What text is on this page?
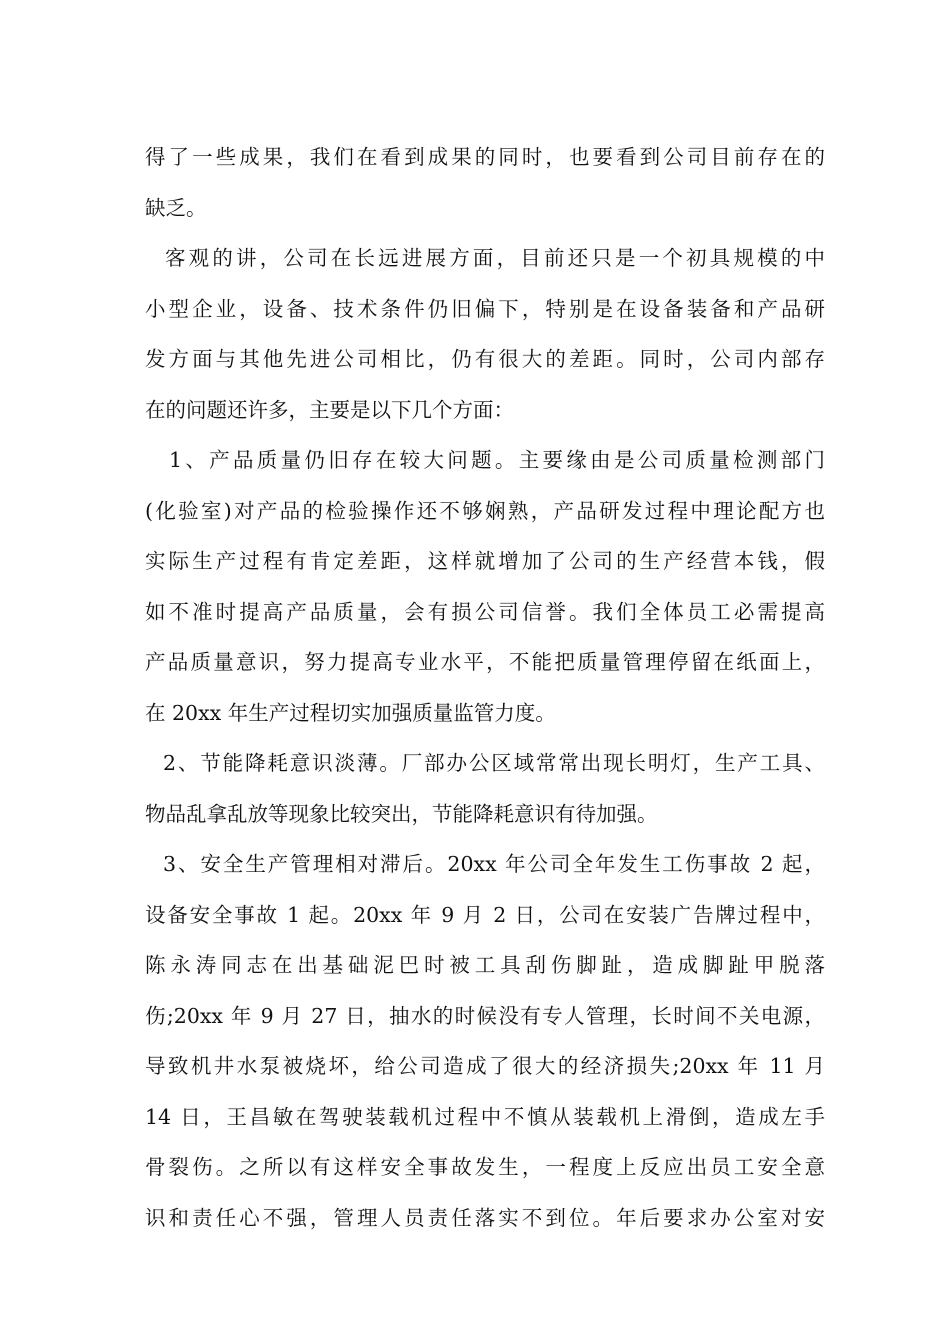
得了一些成果，我们在看到成果的同时，也要看到公司目前存在的
缺乏。
客观的讲，公司在长远进展方面，目前还只是一个初具规模的中
小型企业，设备、技术条件仍旧偏下，特别是在设备装备和产品研
发方面与其他先进公司相比，仍有很大的差距。同时，公司内部存
在的问题还许多，主要是以下几个方面：
1、产品质量仍旧存在较大问题。主要缘由是公司质量检测部门
(化验室)对产品的检验操作还不够娴熟，产品研发过程中理论配方也
实际生产过程有肯定差距，这样就增加了公司的生产经营本钱，假
如不准时提高产品质量，会有损公司信誉。我们全体员工必需提高
产品质量意识，努力提高专业水平，不能把质量管理停留在纸面上，
在 20xx 年生产过程切实加强质量监管力度。
2、节能降耗意识淡薄。厂部办公区域常常出现长明灯，生产工具、
物品乱拿乱放等现象比较突出，节能降耗意识有待加强。
3、安全生产管理相对滞后。20xx 年公司全年发生工伤事故 2 起，
设备安全事故 1 起。20xx 年 9 月 2 日，公司在安装广告牌过程中，
陈永涛同志在出基础泥巴时被工具刮伤脚趾，造成脚趾甲脱落
伤;20xx 年 9 月 27 日，抽水的时候没有专人管理，长时间不关电源，
导致机井水泵被烧坏，给公司造成了很大的经济损失;20xx 年 11 月
14 日，王昌敏在驾驶装载机过程中不慎从装载机上滑倒，造成左手
骨裂伤。之所以有这样安全事故发生，一程度上反应出员工安全意
识和责任心不强，管理人员责任落实不到位。年后要求办公室对安
